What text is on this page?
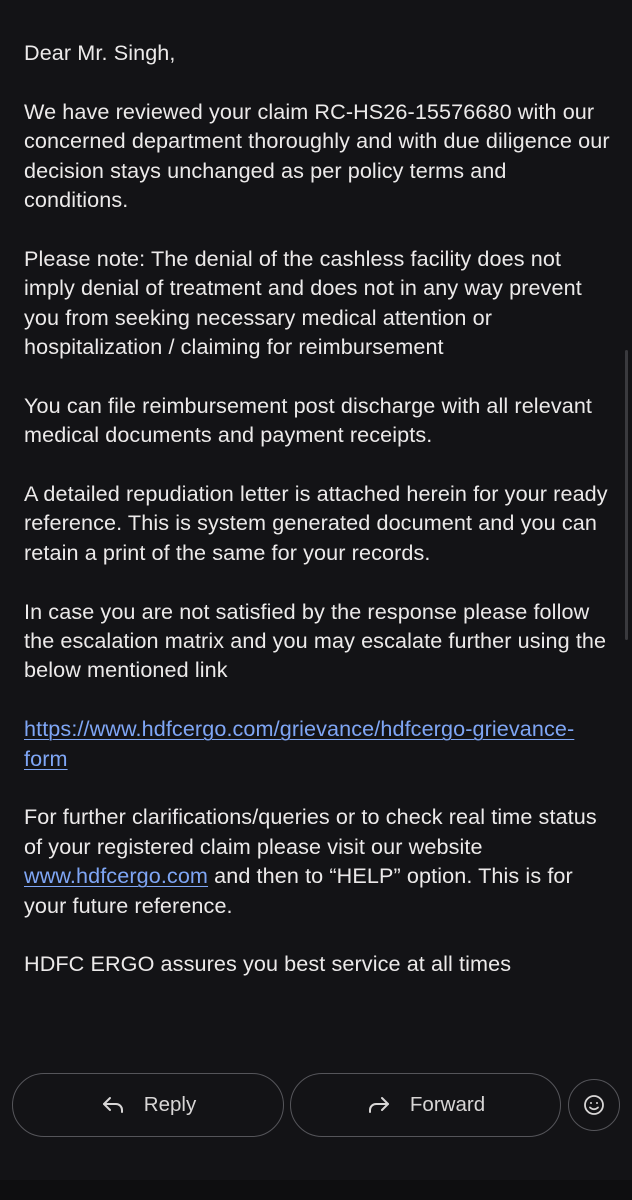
Dear Mr. Singh,

We have reviewed your claim RC-HS26-15576680 with our concerned department thoroughly and with due diligence our decision stays unchanged as per policy terms and conditions.

Please note: The denial of the cashless facility does not imply denial of treatment and does not in any way prevent you from seeking necessary medical attention or hospitalization / claiming for reimbursement

You can file reimbursement post discharge with all relevant medical documents and payment receipts.

A detailed repudiation letter is attached herein for your ready reference. This is system generated document and you can retain a print of the same for your records.

In case you are not satisfied by the response please follow the escalation matrix and you may escalate further using the below mentioned link

https://www.hdfcergo.com/grievance/hdfcergo-grievance-form

For further clarifications/queries or to check real time status of your registered claim please visit our website www.hdfcergo.com and then to “HELP” option. This is for your future reference.

HDFC ERGO assures you best service at all times

Reply	Forward
